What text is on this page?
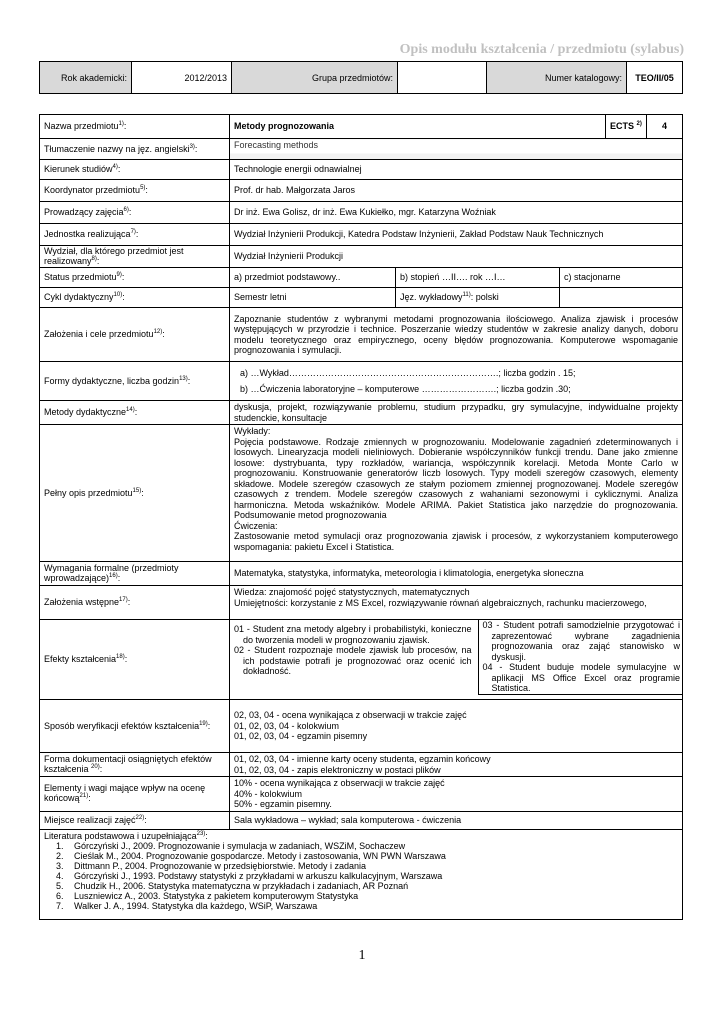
Opis modułu kształcenia / przedmiotu (sylabus)
Rok akademicki:	2012/2013	Grupa przedmiotów:		Numer katalogowy:	TEO/II/05
Nazwa przedmiotu$^{1)}$:	Metody prognozowania	ECTS $^{2)}$	4
Tłumaczenie nazwy na jęz. angielski$^{3)}$:	Forecasting methods
Kierunek studiów$^{4)}$:	Technologie energii odnawialnej
Koordynator przedmiotu$^{5)}$:	Prof. dr hab. Małgorzata Jaros
Prowadzący zajęcia$^{6)}$:	Dr inż. Ewa Golisz, dr inż. Ewa Kukiełko, mgr. Katarzyna Woźniak
Jednostka realizująca$^{7)}$:	Wydział Inżynierii Produkcji, Katedra Podstaw Inżynierii, Zakład Podstaw Nauk Technicznych
Wydział, dla którego przedmiot jest
realizowany$^{8)}$:	Wydział Inżynierii Produkcji
Status przedmiotu$^{9)}$:	a) przedmiot podstawowy..	b) stopień …II…. rok …I…	c) stacjonarne
Cykl dydaktyczny$^{10)}$:	Semestr letni	Jęz. wykładowy$^{11)}$: polski	
Założenia i cele przedmiotu$^{12)}$:	Zapoznanie studentów z wybranymi metodami prognozowania ilościowego. Analiza zjawisk i procesów występujących w przyrodzie i technice. Poszerzanie wiedzy studentów w zakresie analizy danych, doboru modelu teoretycznego oraz empirycznego, oceny błędów prognozowania. Komputerowe wspomaganie prognozowania i symulacji.
Formy dydaktyczne, liczba godzin$^{13)}$:	
a) …Wykład…………………………………………………………….; liczba godzin . 15;
b) …Ćwiczenia laboratoryjne – komputerowe …………………….; liczba godzin .30;

Metody dydaktyczne$^{14)}$:	dyskusja, projekt, rozwiązywanie problemu, studium przypadku, gry symulacyjne, indywidualne projekty studenckie, konsultacje
Pełny opis przedmiotu$^{15)}$:	
Wykłady:
Pojęcia podstawowe. Rodzaje zmiennych w prognozowaniu. Modelowanie zagadnień zdeterminowanych i losowych. Linearyzacja modeli nieliniowych. Dobieranie współczynników funkcji trendu. Dane jako zmienne losowe: dystrybuanta, typy rozkładów, wariancja, współczynnik korelacji. Metoda Monte Carlo w prognozowaniu. Konstruowanie generatorów liczb losowych. Typy modeli szeregów czasowych, elementy składowe. Modele szeregów czasowych ze stałym poziomem zmiennej prognozowanej. Modele szeregów czasowych z trendem. Modele szeregów czasowych z wahaniami sezonowymi i cyklicznymi. Analiza harmoniczna. Metoda wskaźników. Modele ARIMA. Pakiet Statistica jako narzędzie do prognozowania. Podsumowanie metod prognozowania
Ćwiczenia:
Zastosowanie metod symulacji oraz prognozowania zjawisk i procesów, z wykorzystaniem komputerowego wspomagania: pakietu Excel i Statistica.

Wymagania formalne (przedmioty
wprowadzające)$^{16)}$:	Matematyka, statystyka, informatyka, meteorologia i klimatologia, energetyka słoneczna
Założenia wstępne$^{17)}$:	
Wiedza: znajomość pojęć statystycznych, matematycznych
Umiejętności: korzystanie z MS Excel, rozwiązywanie równań algebraicznych, rachunku macierzowego,

Efekty kształcenia$^{18)}$:	
01 - Student zna metody algebry i probabilistyki, konieczne do tworzenia modeli w prognozowaniu zjawisk.
02 - Student rozpoznaje modele zjawisk lub procesów, na ich podstawie potrafi je prognozować oraz ocenić ich dokładność.

03 - Student potrafi samodzielnie przygotować i zaprezentować wybrane zagadnienia prognozowania oraz zająć stanowisko w dyskusji.
04 - Student buduje modele symulacyjne w aplikacji MS Office Excel oraz programie Statistica.

Sposób weryfikacji efektów kształcenia$^{19)}$:	
02, 03, 04 - ocena wynikająca z obserwacji w trakcie zajęć
01, 02, 03, 04 - kolokwium
01, 02, 03, 04 - egzamin pisemny

Forma dokumentacji osiągniętych efektów
kształcenia $^{20)}$:	
01, 02, 03, 04 - imienne karty oceny studenta, egzamin końcowy
01, 02, 03, 04 - zapis elektroniczny w postaci plików

Elementy i wagi mające wpływ na ocenę
końcową$^{21)}$:	
10% - ocena wynikająca z obserwacji w trakcie zajęć
40% - kolokwium
50% - egzamin pisemny.

Miejsce realizacji zajęć$^{22)}$:	Sala wykładowa – wykład; sala komputerowa - ćwiczenia

Literatura podstawowa i uzupełniająca$^{23)}$:
1. Górczyński J., 2009. Prognozowanie i symulacja w zadaniach, WSZiM, Sochaczew
2. Cieślak M., 2004. Prognozowanie gospodarcze. Metody i zastosowania, WN PWN Warszawa
3. Dittmann P., 2004. Prognozowanie w przedsiębiorstwie. Metody i zadania
4. Górczyński J., 1993. Podstawy statystyki z przykładami w arkuszu kalkulacyjnym, Warszawa
5. Chudzik H., 2006. Statystyka matematyczna w przykładach i zadaniach, AR Poznań
6. Luszniewicz A., 2003. Statystyka z pakietem komputerowym Statystyka
7. Walker J. A., 1994. Statystyka dla każdego, WSiP, Warszawa
1
